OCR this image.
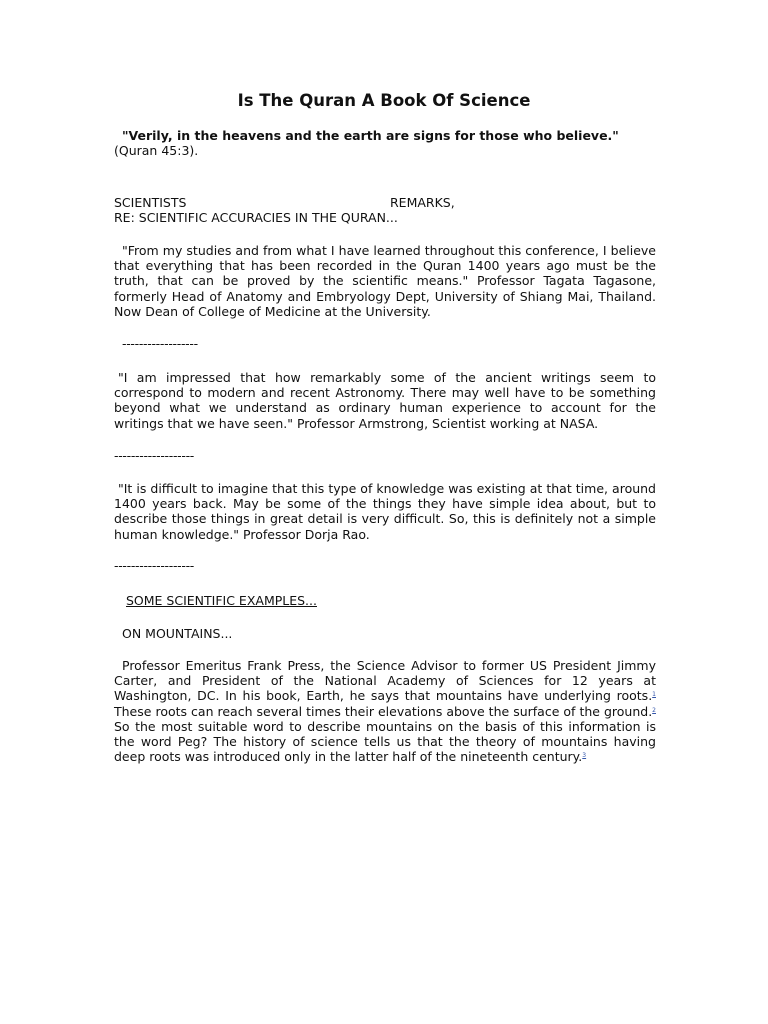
Is The Quran A Book Of Science

"Verily, in the heavens and the earth are signs for those who believe."
(Quran 45:3).

SCIENTISTS	REMARKS,

RE: SCIENTIFIC ACCURACIES IN THE QURAN...

"From my studies and from what I have learned throughout this conference, I believe that everything that has been recorded in the Quran 1400 years ago must be the truth, that can be proved by the scientific means." Professor Tagata Tagasone, formerly Head of Anatomy and Embryology Dept, University of Shiang Mai, Thailand. Now Dean of College of Medicine at the University.

------------------

"I am impressed that how remarkably some of the ancient writings seem to correspond to modern and recent Astronomy. There may well have to be something beyond what we understand as ordinary human experience to account for the writings that we have seen." Professor Armstrong, Scientist working at NASA.

-------------------

"It is difficult to imagine that this type of knowledge was existing at that time, around 1400 years back. May be some of the things they have simple idea about, but to describe those things in great detail is very difficult. So, this is definitely not a simple human knowledge." Professor Dorja Rao.

-------------------

SOME SCIENTIFIC EXAMPLES...

ON MOUNTAINS...

Professor Emeritus Frank Press, the Science Advisor to former US President Jimmy Carter, and President of the National Academy of Sciences for 12 years at Washington, DC. In his book, Earth, he says that mountains have underlying roots.$^1$ These roots can reach several times their elevations above the surface of the ground.$^2$ So the most suitable word to describe mountains on the basis of this information is the word Peg? The history of science tells us that the theory of mountains having deep roots was introduced only in the latter half of the nineteenth century.$^3$
